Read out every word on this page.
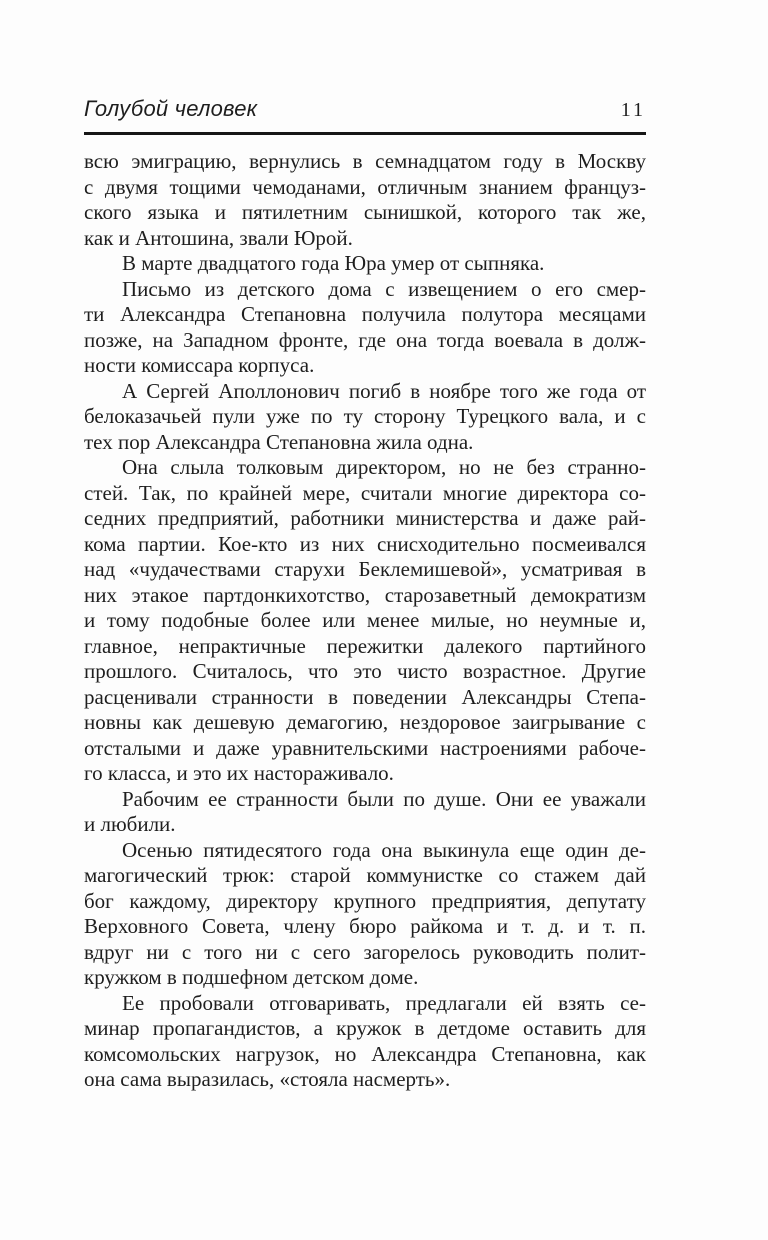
Голубой человек	11
всю эмиграцию, вернулись в семнадцатом году в Москву
с двумя тощими чемоданами, отличным знанием француз-
ского языка и пятилетним сынишкой, которого так же,
как и Антошина, звали Юрой.
В марте двадцатого года Юра умер от сыпняка.
Письмо из детского дома с извещением о его смер-
ти Александра Степановна получила полутора месяцами
позже, на Западном фронте, где она тогда воевала в долж-
ности комиссара корпуса.
А Сергей Аполлонович погиб в ноябре того же года от
белоказачьей пули уже по ту сторону Турецкого вала, и с
тех пор Александра Степановна жила одна.
Она слыла толковым директором, но не без странно-
стей. Так, по крайней мере, считали многие директора со-
седних предприятий, работники министерства и даже рай-
кома партии. Кое-кто из них снисходительно посмеивался
над «чудачествами старухи Беклемишевой», усматривая в
них этакое партдонкихотство, старозаветный демократизм
и тому подобные более или менее милые, но неумные и,
главное, непрактичные пережитки далекого партийного
прошлого. Считалось, что это чисто возрастное. Другие
расценивали странности в поведении Александры Степа-
новны как дешевую демагогию, нездоровое заигрывание с
отсталыми и даже уравнительскими настроениями рабоче-
го класса, и это их настораживало.
Рабочим ее странности были по душе. Они ее уважали
и любили.
Осенью пятидесятого года она выкинула еще один де-
магогический трюк: старой коммунистке со стажем дай
бог каждому, директору крупного предприятия, депутату
Верховного Совета, члену бюро райкома и т. д. и т. п.
вдруг ни с того ни с сего загорелось руководить полит-
кружком в подшефном детском доме.
Ее пробовали отговаривать, предлагали ей взять се-
минар пропагандистов, а кружок в детдоме оставить для
комсомольских нагрузок, но Александра Степановна, как
она сама выразилась, «стояла насмерть».
